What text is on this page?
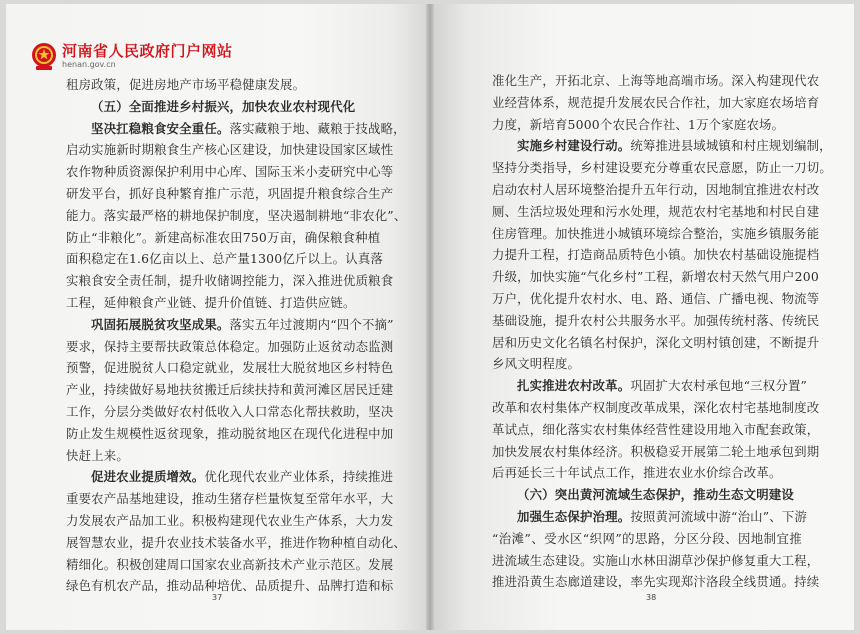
河南省人民政府门户网站
henan.gov.cn
租房政策，促进房地产市场平稳健康发展。
（五）全面推进乡村振兴，加快农业农村现代化
坚决扛稳粮食安全重任。落实藏粮于地、藏粮于技战略，
启动实施新时期粮食生产核心区建设，加快建设国家区域性
农作物种质资源保护利用中心库、国际玉米小麦研究中心等
研发平台，抓好良种繁育推广示范，巩固提升粮食综合生产
能力。落实最严格的耕地保护制度，坚决遏制耕地“非农化”、
防止“非粮化”。新建高标准农田750万亩，确保粮食种植
面积稳定在1.6亿亩以上、总产量1300亿斤以上。认真落
实粮食安全责任制，提升收储调控能力，深入推进优质粮食
工程，延伸粮食产业链、提升价值链、打造供应链。
巩固拓展脱贫攻坚成果。落实五年过渡期内“四个不摘”
要求，保持主要帮扶政策总体稳定。加强防止返贫动态监测
预警，促进脱贫人口稳定就业，发展壮大脱贫地区乡村特色
产业，持续做好易地扶贫搬迁后续扶持和黄河滩区居民迁建
工作，分层分类做好农村低收入人口常态化帮扶救助，坚决
防止发生规模性返贫现象，推动脱贫地区在现代化进程中加
快赶上来。
促进农业提质增效。优化现代农业产业体系，持续推进
重要农产品基地建设，推动生猪存栏量恢复至常年水平，大
力发展农产品加工业。积极构建现代农业生产体系，大力发
展智慧农业，提升农业技术装备水平，推进作物种植自动化、
精细化。积极创建周口国家农业高新技术产业示范区。发展
绿色有机农产品，推动品种培优、品质提升、品牌打造和标
37
准化生产，开拓北京、上海等地高端市场。深入构建现代农
业经营体系，规范提升发展农民合作社，加大家庭农场培育
力度，新培育5000个农民合作社、1万个家庭农场。
实施乡村建设行动。统筹推进县域城镇和村庄规划编制，
坚持分类指导，乡村建设要充分尊重农民意愿，防止一刀切。
启动农村人居环境整治提升五年行动，因地制宜推进农村改
厕、生活垃圾处理和污水处理，规范农村宅基地和村民自建
住房管理。加快推进小城镇环境综合整治，实施乡镇服务能
力提升工程，打造商品质特色小镇。加快农村基础设施提档
升级，加快实施“气化乡村”工程，新增农村天然气用户200
万户，优化提升农村水、电、路、通信、广播电视、物流等
基础设施，提升农村公共服务水平。加强传统村落、传统民
居和历史文化名镇名村保护，深化文明村镇创建，不断提升
乡风文明程度。
扎实推进农村改革。巩固扩大农村承包地“三权分置”
改革和农村集体产权制度改革成果，深化农村宅基地制度改
革试点，细化落实农村集体经营性建设用地入市配套政策，
加快发展农村集体经济。积极稳妥开展第二轮土地承包到期
后再延长三十年试点工作，推进农业水价综合改革。
（六）突出黄河流域生态保护，推动生态文明建设
加强生态保护治理。按照黄河流域中游“治山”、下游
“治滩”、受水区“织网”的思路，分区分段、因地制宜推
进流域生态建设。实施山水林田湖草沙保护修复重大工程，
推进沿黄生态廊道建设，率先实现郑汴洛段全线贯通。持续
38
